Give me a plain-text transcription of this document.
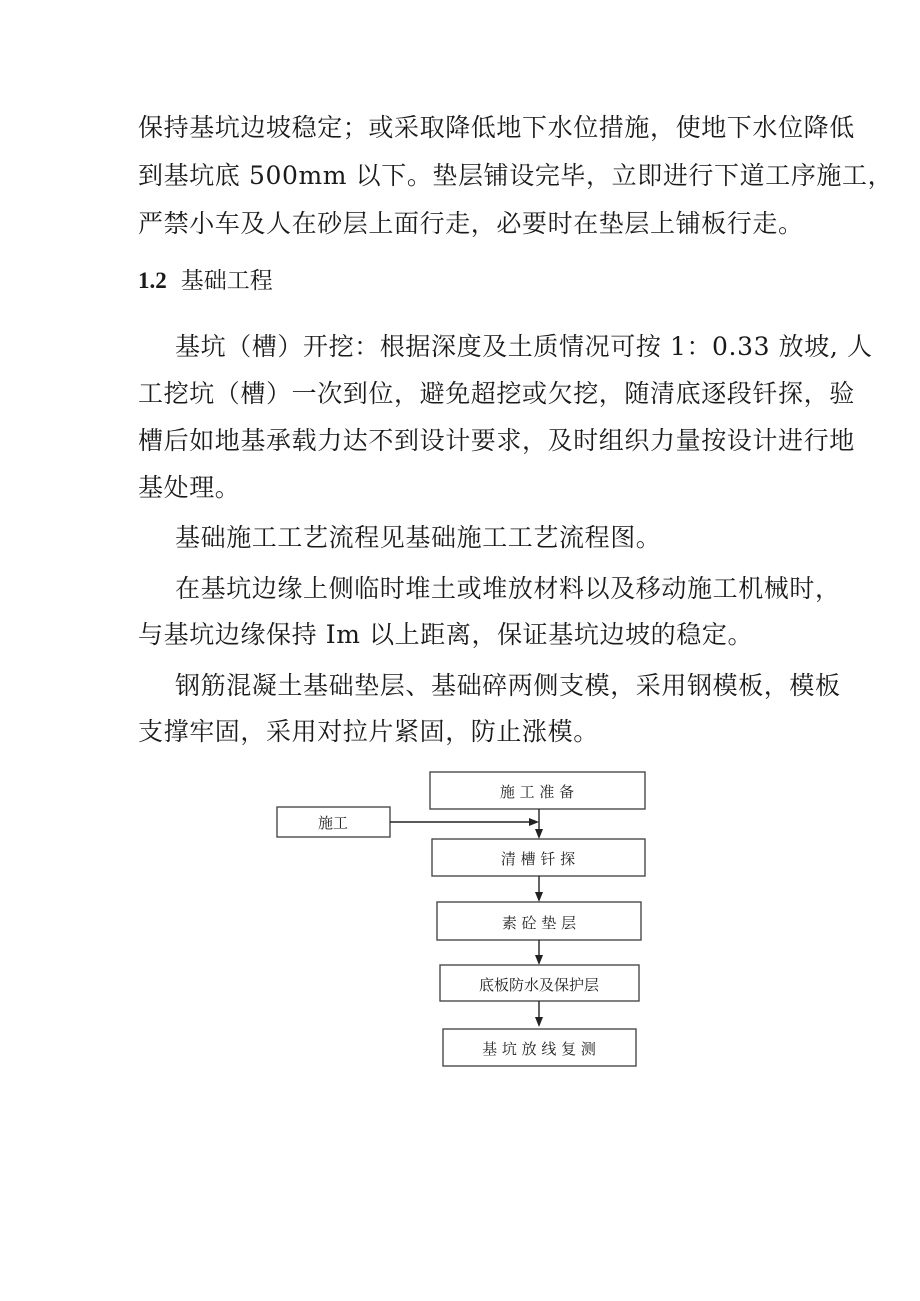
保持基坑边坡稳定；或采取降低地下水位措施，使地下水位降低
到基坑底 500mm 以下。垫层铺设完毕，立即进行下道工序施工，
严禁小车及人在砂层上面行走，必要时在垫层上铺板行走。
1.2 基础工程
基坑（槽）开挖：根据深度及土质情况可按 1：0.33 放坡, 人
工挖坑（槽）一次到位，避免超挖或欠挖，随清底逐段钎探，验
槽后如地基承载力达不到设计要求，及时组织力量按设计进行地
基处理。
基础施工工艺流程见基础施工工艺流程图。
在基坑边缘上侧临时堆土或堆放材料以及移动施工机械时，
与基坑边缘保持 Im 以上距离，保证基坑边坡的稳定。
钢筋混凝土基础垫层、基础碎两侧支模，采用钢模板，模板
支撑牢固，采用对拉片紧固，防止涨模。
施工
施 工 准 备
清 槽 钎 探
素 砼 垫 层
底板防水及保护层
基 坑 放 线 复 测
